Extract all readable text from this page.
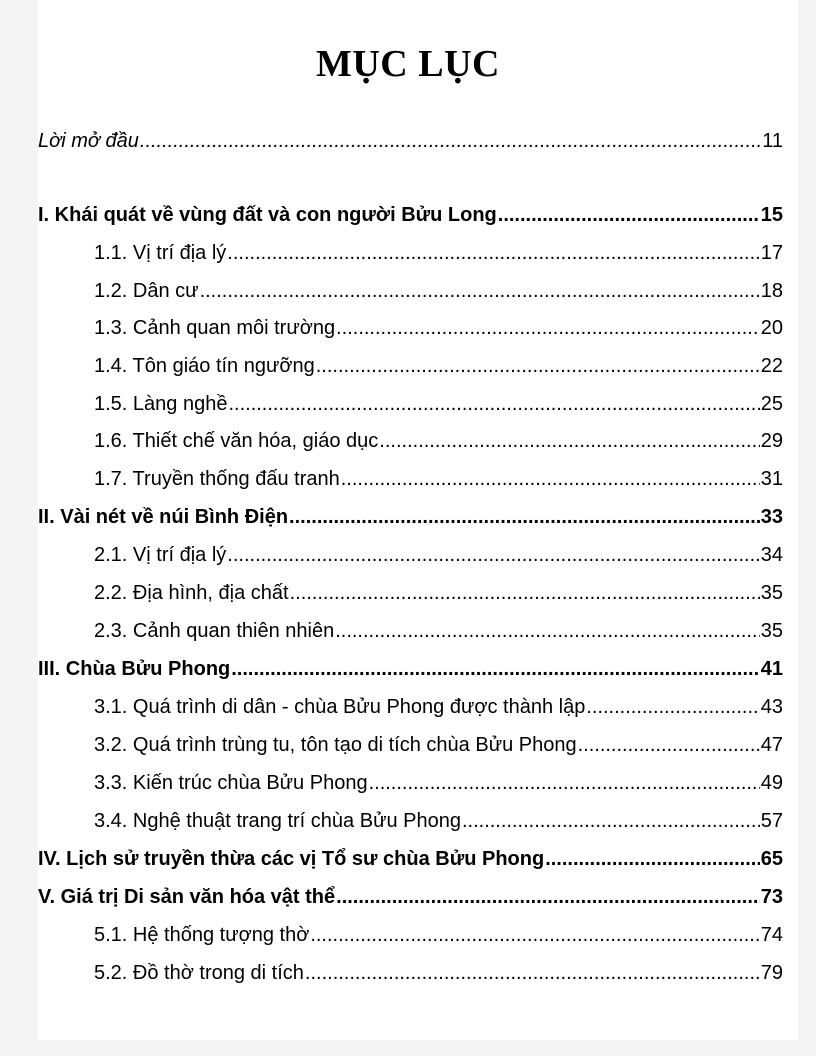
MỤC LỤC
Lời mở đầu .....	11
I. Khái quát về vùng đất và con người Bửu Long .....	15
1.1. Vị trí địa lý .....	17
1.2. Dân cư .....	18
1.3. Cảnh quan môi trường .....	20
1.4. Tôn giáo tín ngưỡng .....	22
1.5. Làng nghề .....	25
1.6. Thiết chế văn hóa, giáo dục .....	29
1.7. Truyền thống đấu tranh .....	31
II. Vài nét về núi Bình Điện .....	33
2.1. Vị trí địa lý .....	34
2.2. Địa hình, địa chất .....	35
2.3. Cảnh quan thiên nhiên .....	35
III. Chùa Bửu Phong .....	41
3.1. Quá trình di dân - chùa Bửu Phong được thành lập .....	43
3.2. Quá trình trùng tu, tôn tạo di tích chùa Bửu Phong .....	47
3.3. Kiến trúc chùa Bửu Phong .....	49
3.4. Nghệ thuật trang trí chùa Bửu Phong .....	57
IV. Lịch sử truyền thừa các vị Tổ sư chùa Bửu Phong .....	65
V. Giá trị Di sản văn hóa vật thể .....	73
5.1. Hệ thống tượng thờ .....	74
5.2. Đồ thờ trong di tích .....	79
